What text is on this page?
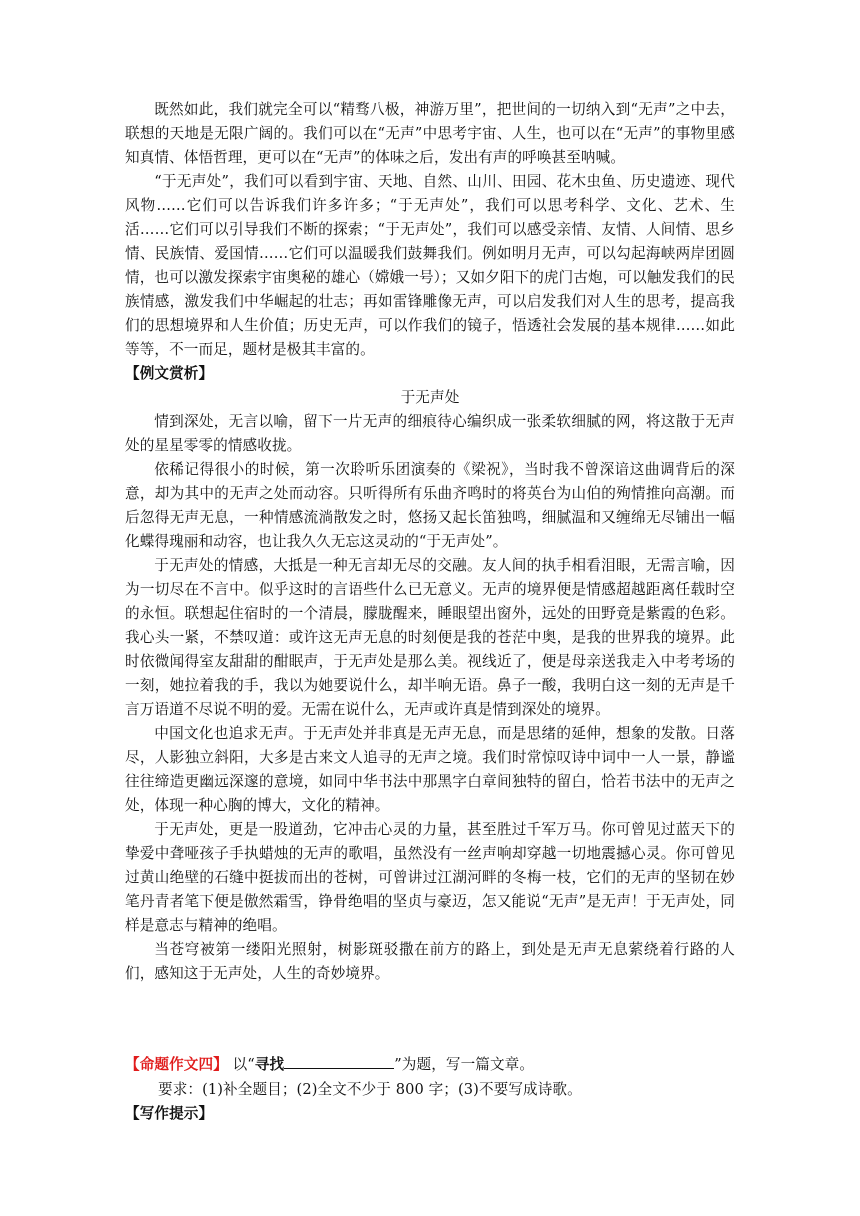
既然如此，我们就完全可以“精骛八极，神游万里”，把世间的一切纳入到“无声”之中去，联想的天地是无限广阔的。我们可以在“无声”中思考宇宙、人生，也可以在“无声”的事物里感知真情、体悟哲理，更可以在“无声”的体味之后，发出有声的呼唤甚至呐喊。

“于无声处”，我们可以看到宇宙、天地、自然、山川、田园、花木虫鱼、历史遗迹、现代风物……它们可以告诉我们许多许多；“于无声处”，我们可以思考科学、文化、艺术、生活……它们可以引导我们不断的探索；“于无声处”，我们可以感受亲情、友情、人间情、思乡情、民族情、爱国情……它们可以温暖我们鼓舞我们。例如明月无声，可以勾起海峡两岸团圆情，也可以激发探索宇宙奥秘的雄心（嫦娥一号）；又如夕阳下的虎门古炮，可以触发我们的民族情感，激发我们中华崛起的壮志；再如雷锋雕像无声，可以启发我们对人生的思考，提高我们的思想境界和人生价值；历史无声，可以作我们的镜子，悟透社会发展的基本规律……如此等等，不一而足，题材是极其丰富的。

【例文赏析】

于无声处

情到深处，无言以喻，留下一片无声的细痕待心编织成一张柔软细腻的网，将这散于无声处的星星零零的情感收拢。

依稀记得很小的时候，第一次聆听乐团演奏的《梁祝》，当时我不曾深谙这曲调背后的深意，却为其中的无声之处而动容。只听得所有乐曲齐鸣时的将英台为山伯的殉情推向高潮。而后忽得无声无息，一种情感流淌散发之时，悠扬又起长笛独鸣，细腻温和又缠绵无尽铺出一幅化蝶得瑰丽和动容，也让我久久无忘这灵动的“于无声处”。

于无声处的情感，大抵是一种无言却无尽的交融。友人间的执手相看泪眼，无需言喻，因为一切尽在不言中。似乎这时的言语些什么已无意义。无声的境界便是情感超越距离任载时空的永恒。联想起住宿时的一个清晨，朦胧醒来，睡眼望出窗外，远处的田野竟是紫霞的色彩。我心头一紧，不禁叹道：或许这无声无息的时刻便是我的苍茫中奥，是我的世界我的境界。此时依微闻得室友甜甜的酣眠声，于无声处是那么美。视线近了，便是母亲送我走入中考考场的一刻，她拉着我的手，我以为她要说什么，却半响无语。鼻子一酸，我明白这一刻的无声是千言万语道不尽说不明的爱。无需在说什么，无声或许真是情到深处的境界。

中国文化也追求无声。于无声处并非真是无声无息，而是思绪的延伸，想象的发散。日落尽，人影独立斜阳，大多是古来文人追寻的无声之境。我们时常惊叹诗中词中一人一景，静谧往往缔造更幽远深邃的意境，如同中华书法中那黑字白章间独特的留白，恰若书法中的无声之处，体现一种心胸的博大，文化的精神。

于无声处，更是一股道劲，它冲击心灵的力量，甚至胜过千军万马。你可曾见过蓝天下的挚爱中聋哑孩子手执蜡烛的无声的歌唱，虽然没有一丝声响却穿越一切地震撼心灵。你可曾见过黄山绝壁的石缝中挺拔而出的苍树，可曾讲过江湖河畔的冬梅一枝，它们的无声的坚韧在妙笔丹青者笔下便是傲然霜雪，铮骨绝唱的坚贞与豪迈，怎又能说“无声”是无声！于无声处，同样是意志与精神的绝唱。

当苍穹被第一缕阳光照射，树影斑驳撒在前方的路上，到处是无声无息萦绕着行路的人们，感知这于无声处，人生的奇妙境界。

【命题作文四】 以“寻找	”为题，写一篇文章。

要求：(1)补全题目；(2)全文不少于 800 字；(3)不要写成诗歌。

【写作提示】
